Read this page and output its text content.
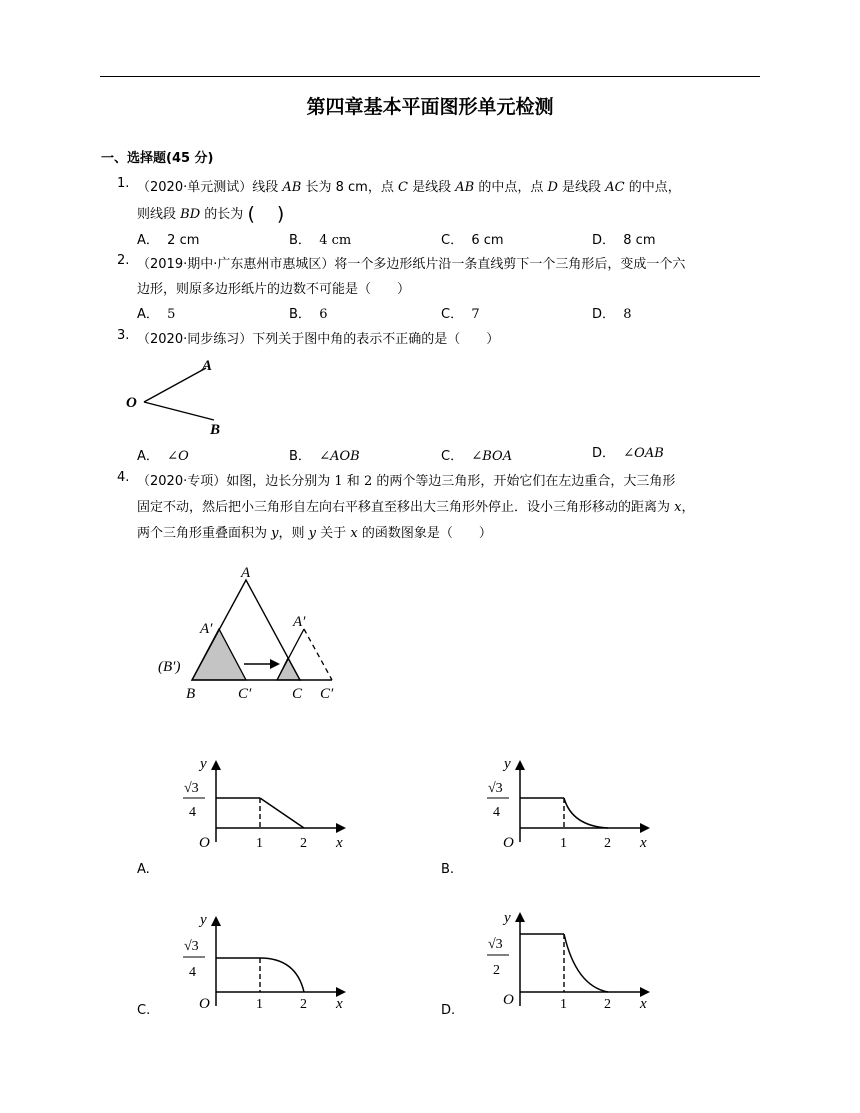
第四章基本平面图形单元检测
一、选择题(45 分)
1. （2020·单元测试）线段 AB 长为 8 cm，点 C 是线段 AB 的中点，点 D 是线段 AC 的中点，
则线段 BD 的长为 ( )
A． 2 cm	B． 4 cm	C． 6 cm	D． 8 cm
2. （2019·期中·广东惠州市惠城区）将一个多边形纸片沿一条直线剪下一个三角形后，变成一个六
边形，则原多边形纸片的边数不可能是（　　）
A． 5	B． 6	C． 7	D． 8
3. （2020·同步练习）下列关于图中角的表示不正确的是（　　）
O
A
B
A． ∠O	B． ∠AOB	C． ∠BOA	D． ∠OAB
4. （2020·专项）如图，边长分别为 1 和 2 的两个等边三角形，开始它们在左边重合，大三角形
固定不动，然后把小三角形自左向右平移直至移出大三角形外停止．设小三角形移动的距离为 x，
两个三角形重叠面积为 y，则 y 关于 x 的函数图象是（　　）
A
A′	A′
(B′)
B	C′	C C′
√3
4
O	1	2 x
y
A.
√3
4
O	1	2 x
y
B.
√3
4
O	1	2 x
y
C.
√3
2
O	1	2 x
y
D.
